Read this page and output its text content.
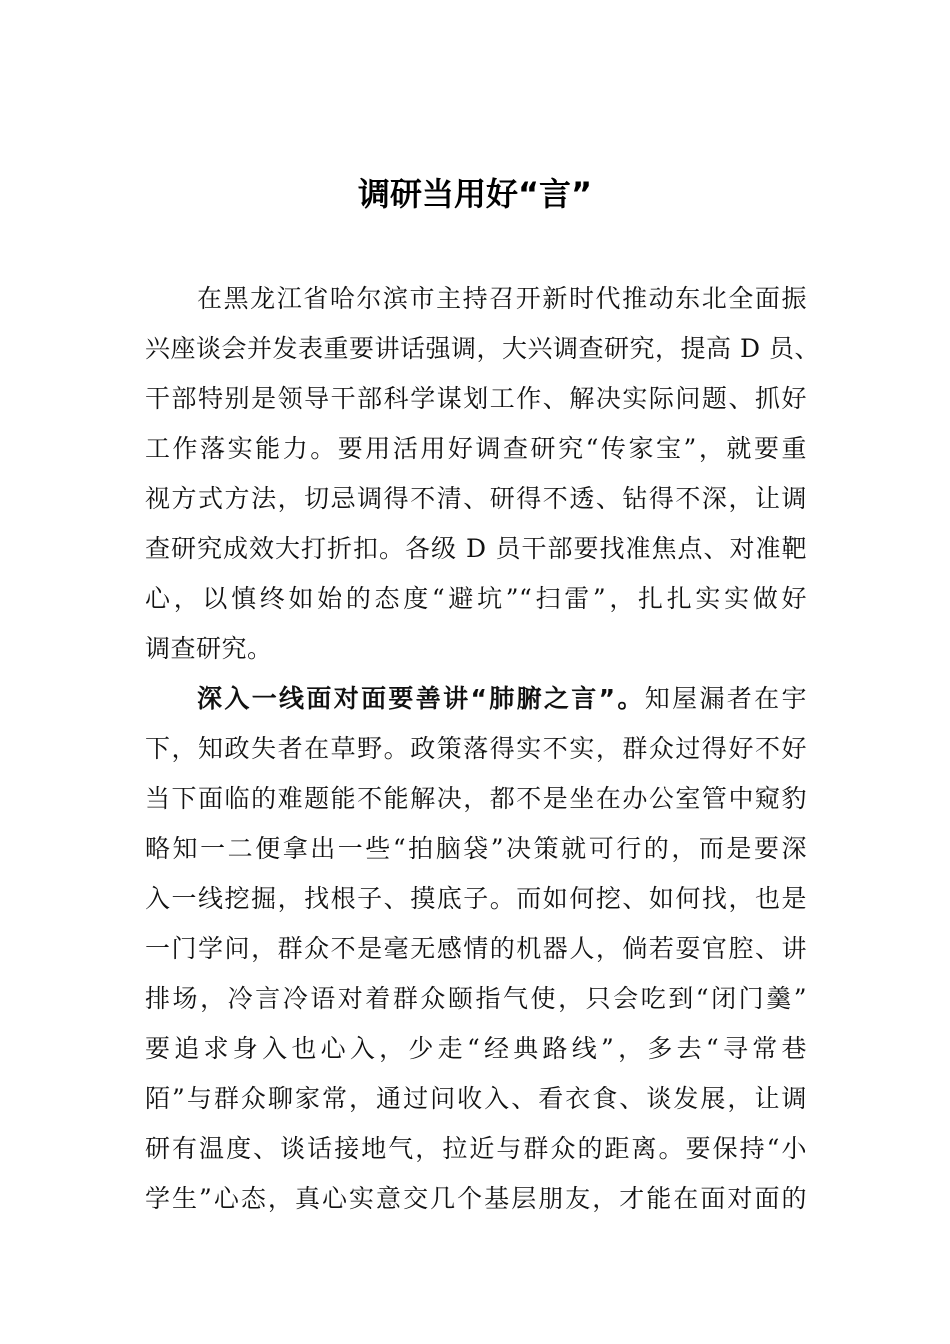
调研当用好“言”
在黑龙江省哈尔滨市主持召开新时代推动东北全面振
兴座谈会并发表重要讲话强调，大兴调查研究，提高 D 员、
干部特别是领导干部科学谋划工作、解决实际问题、抓好
工作落实能力。要用活用好调查研究“传家宝”，就要重
视方式方法，切忌调得不清、研得不透、钻得不深，让调
查研究成效大打折扣。各级 D 员干部要找准焦点、对准靶
心，以慎终如始的态度“避坑”“扫雷”，扎扎实实做好
调查研究。
深入一线面对面要善讲“肺腑之言”。知屋漏者在宇
下，知政失者在草野。政策落得实不实，群众过得好不好
当下面临的难题能不能解决，都不是坐在办公室管中窥豹
略知一二便拿出一些“拍脑袋”决策就可行的，而是要深
入一线挖掘，找根子、摸底子。而如何挖、如何找，也是
一门学问，群众不是毫无感情的机器人，倘若耍官腔、讲
排场，冷言冷语对着群众颐指气使，只会吃到“闭门羹”
要追求身入也心入，少走“经典路线”，多去“寻常巷
陌”与群众聊家常，通过问收入、看衣食、谈发展，让调
研有温度、谈话接地气，拉近与群众的距离。要保持“小
学生”心态，真心实意交几个基层朋友，才能在面对面的
